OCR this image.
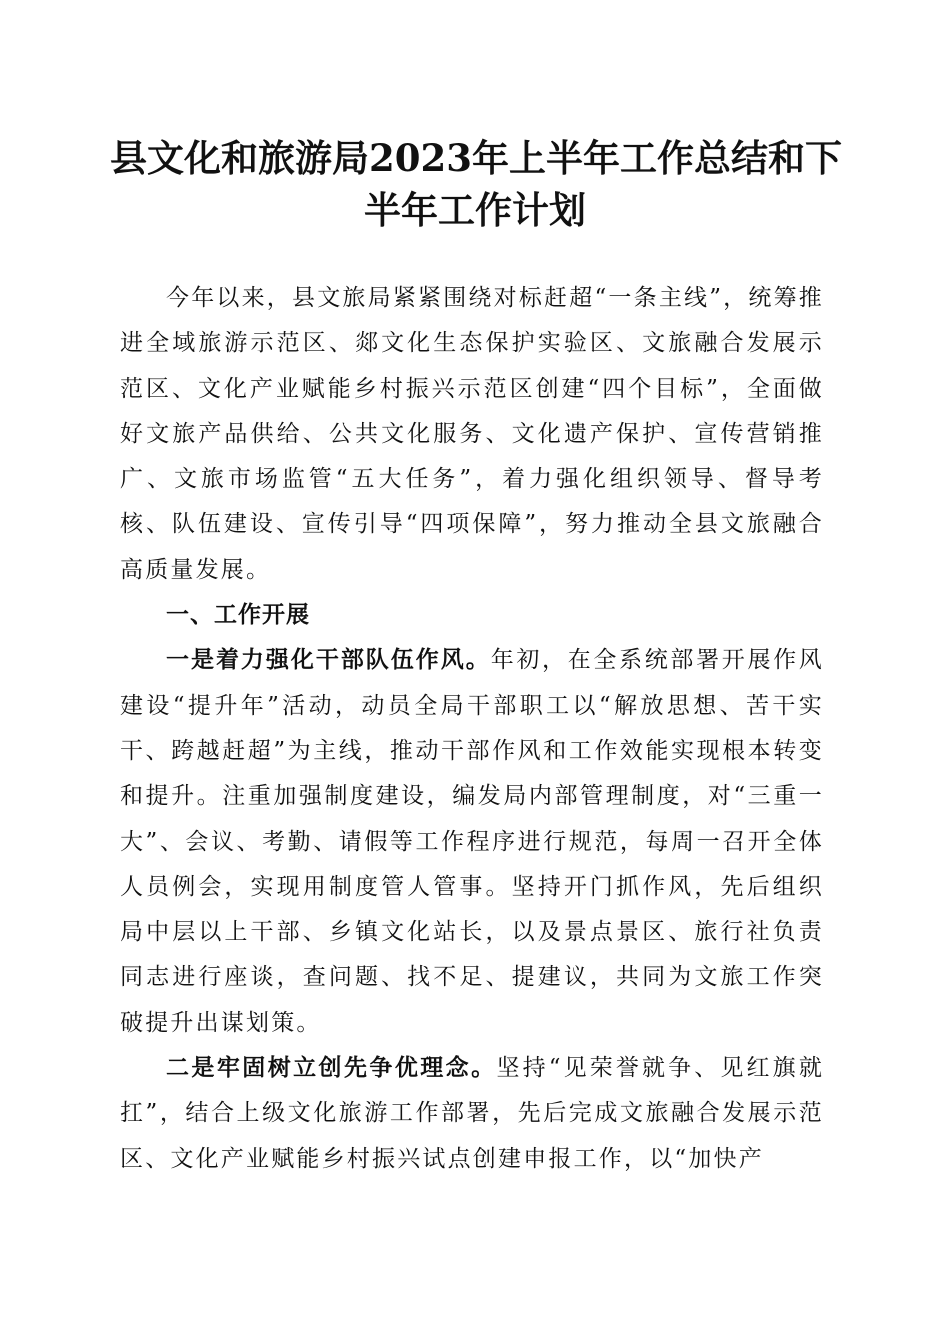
县文化和旅游局2023年上半年工作总结和下
半年工作计划

今年以来，县文旅局紧紧围绕对标赶超“一条主线”，统筹推进全域旅游示范区、郯文化生态保护实验区、文旅融合发展示范区、文化产业赋能乡村振兴示范区创建“四个目标”，全面做好文旅产品供给、公共文化服务、文化遗产保护、宣传营销推广、文旅市场监管“五大任务”，着力强化组织领导、督导考核、队伍建设、宣传引导“四项保障”，努力推动全县文旅融合高质量发展。

一、工作开展

一是着力强化干部队伍作风。年初，在全系统部署开展作风建设“提升年”活动，动员全局干部职工以“解放思想、苦干实干、跨越赶超”为主线，推动干部作风和工作效能实现根本转变和提升。注重加强制度建设，编发局内部管理制度，对“三重一大”、会议、考勤、请假等工作程序进行规范，每周一召开全体人员例会，实现用制度管人管事。坚持开门抓作风，先后组织局中层以上干部、乡镇文化站长，以及景点景区、旅行社负责同志进行座谈，查问题、找不足、提建议，共同为文旅工作突破提升出谋划策。

二是牢固树立创先争优理念。坚持“见荣誉就争、见红旗就扛”，结合上级文化旅游工作部署，先后完成文旅融合发展示范区、文化产业赋能乡村振兴试点创建申报工作，以“加快产
